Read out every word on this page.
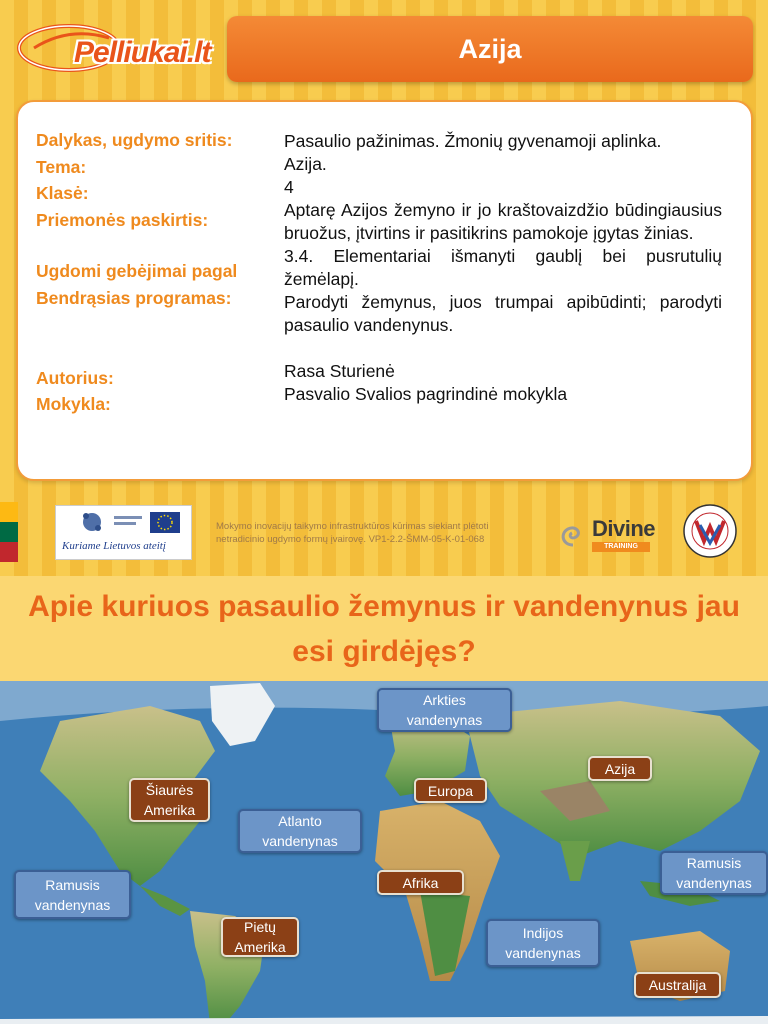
Pelliukai.lt	Azija
Dalykas, ugdymo sritis:
Tema:
Klasė:
Priemonės paskirtis:
Ugdomi gebėjimai pagal
Bendrąsias programas:
Autorius:
Mokykla:

Pasaulio pažinimas. Žmonių gyvenamoji aplinka.

Azija.

4

Aptarę Azijos žemyno ir jo kraštovaizdžio būdingiausius bruožus, įtvirtins ir pasitikrins pamokoje įgytas žinias.

3.4. Elementariai išmanyti gaublį bei pusrutulių žemėlapį.

Parodyti žemynus, juos trumpai apibūdinti; parodyti pasaulio vandenynus.

Rasa Sturienė

Pasvalio Svalios pagrindinė mokykla

Kuriame Lietuvos ateitį
Mokymo inovacijų taikymo infrastruktūros kūrimas siekiant plėtoti netradicinio ugdymo formų įvairovę. VP1-2.2-ŠMM-05-K-01-068	Divine
TRAINING
Apie kuriuos pasaulio žemynus ir vandenynus jau esi girdėjęs?
Arkties
vandenynas
Azija
Šiaurės
Amerika
Europa
Atlanto
vandenynas
Ramusis
vandenynas
Afrika
Ramusis
vandenynas
Pietų
Amerika
Indijos
vandenynas
Australija
